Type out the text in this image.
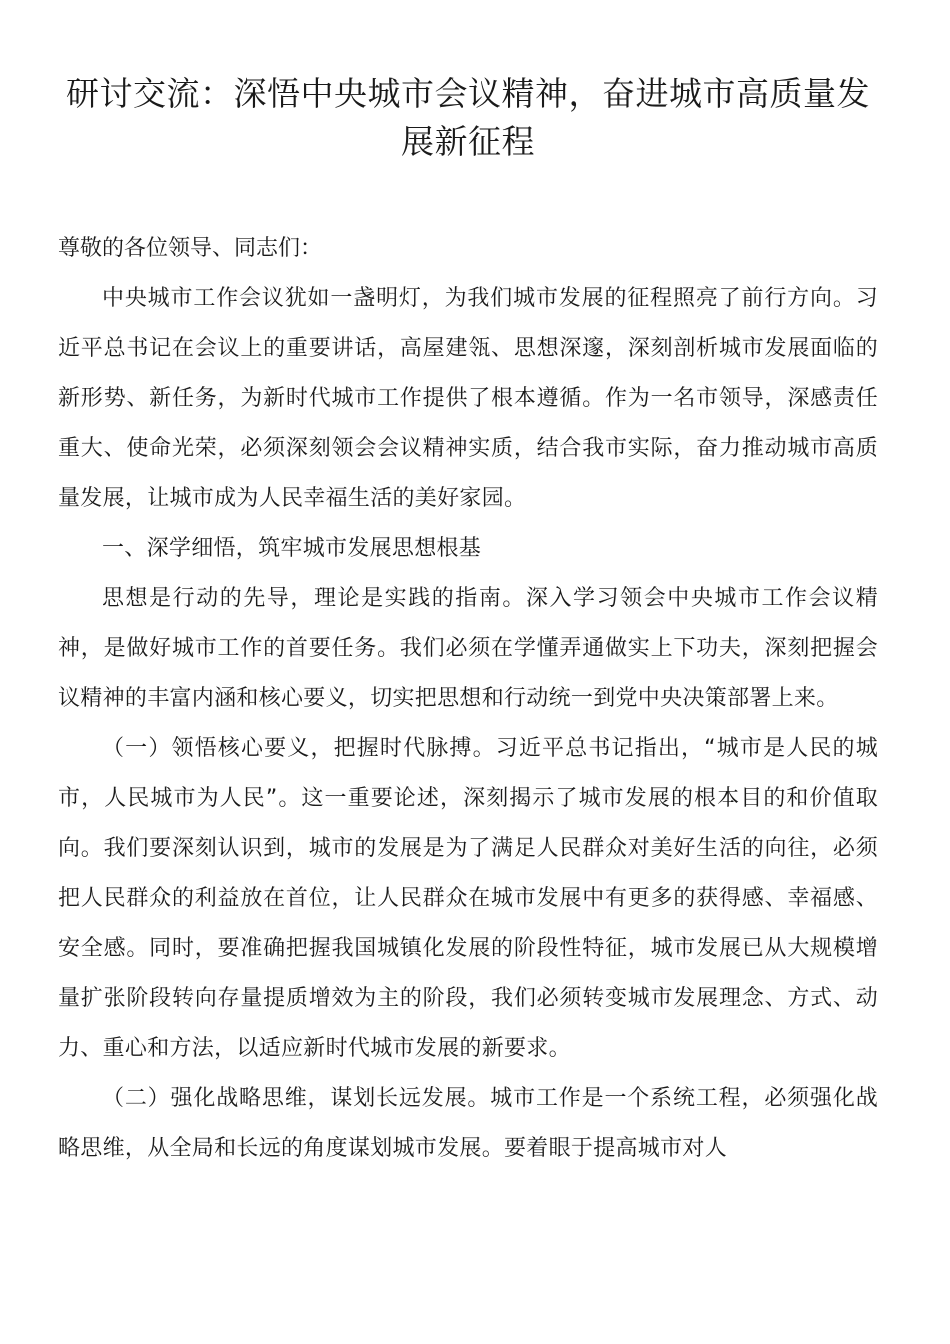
研讨交流：深悟中央城市会议精神，奋进城市高质量发展新征程

尊敬的各位领导、同志们：

中央城市工作会议犹如一盏明灯，为我们城市发展的征程照亮了前行方向。习近平总书记在会议上的重要讲话，高屋建瓴、思想深邃，深刻剖析城市发展面临的新形势、新任务，为新时代城市工作提供了根本遵循。作为一名市领导，深感责任重大、使命光荣，必须深刻领会会议精神实质，结合我市实际，奋力推动城市高质量发展，让城市成为人民幸福生活的美好家园。

一、深学细悟，筑牢城市发展思想根基

思想是行动的先导，理论是实践的指南。深入学习领会中央城市工作会议精神，是做好城市工作的首要任务。我们必须在学懂弄通做实上下功夫，深刻把握会议精神的丰富内涵和核心要义，切实把思想和行动统一到党中央决策部署上来。

（一）领悟核心要义，把握时代脉搏。习近平总书记指出，“城市是人民的城市，人民城市为人民”。这一重要论述，深刻揭示了城市发展的根本目的和价值取向。我们要深刻认识到，城市的发展是为了满足人民群众对美好生活的向往，必须把人民群众的利益放在首位，让人民群众在城市发展中有更多的获得感、幸福感、安全感。同时，要准确把握我国城镇化发展的阶段性特征，城市发展已从大规模增量扩张阶段转向存量提质增效为主的阶段，我们必须转变城市发展理念、方式、动力、重心和方法，以适应新时代城市发展的新要求。

（二）强化战略思维，谋划长远发展。城市工作是一个系统工程，必须强化战略思维，从全局和长远的角度谋划城市发展。要着眼于提高城市对人
